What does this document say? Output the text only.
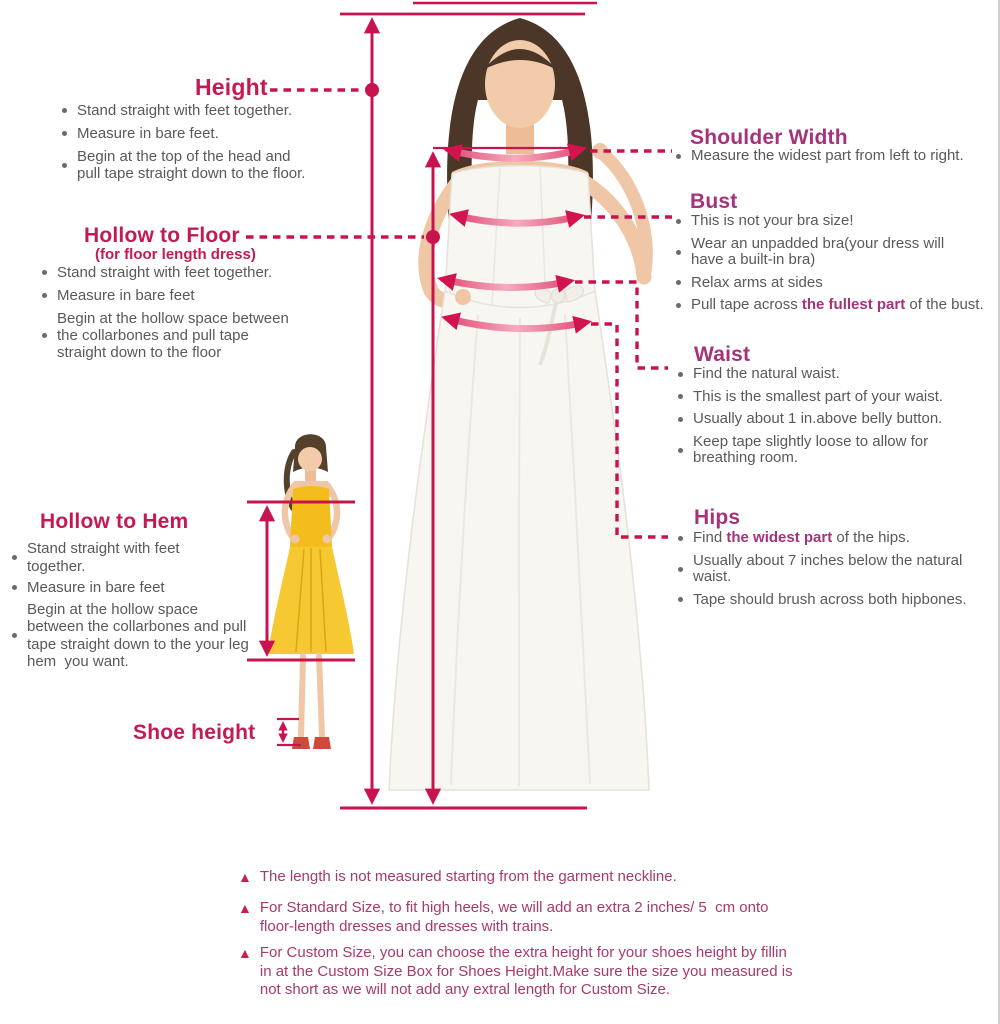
Height
Stand straight with feet together.
Measure in bare feet.
Begin at the top of the head and
pull tape straight down to the floor.
Hollow to Floor
(for floor length dress)
Stand straight with feet together.
Measure in bare feet
Begin at the hollow space between
the collarbones and pull tape
straight down to the floor
Hollow to Hem
Stand straight with feet
together.
Measure in bare feet
Begin at the hollow space
between the collarbones and pull
tape straight down to the your leg
hem  you want.
Shoe height
Shoulder Width
Measure the widest part from left to right.
Bust
This is not your bra size!
Wear an unpadded bra(your dress will
have a built-in bra)
Relax arms at sides
Pull tape across the fullest part of the bust.
Waist
Find the natural waist.
This is the smallest part of your waist.
Usually about 1 in.above belly button.
Keep tape slightly loose to allow for
breathing room.
Hips
Find the widest part of the hips.
Usually about 7 inches below the natural
waist.
Tape should brush across both hipbones.
▲ The length is not measured starting from the garment neckline.
▲ For Standard Size, to fit high heels, we will add an extra 2 inches/ 5  cm onto
floor-length dresses and dresses with trains.
▲ For Custom Size, you can choose the extra height for your shoes height by fillin
in at the Custom Size Box for Shoes Height.Make sure the size you measured is
not short as we will not add any extral length for Custom Size.
